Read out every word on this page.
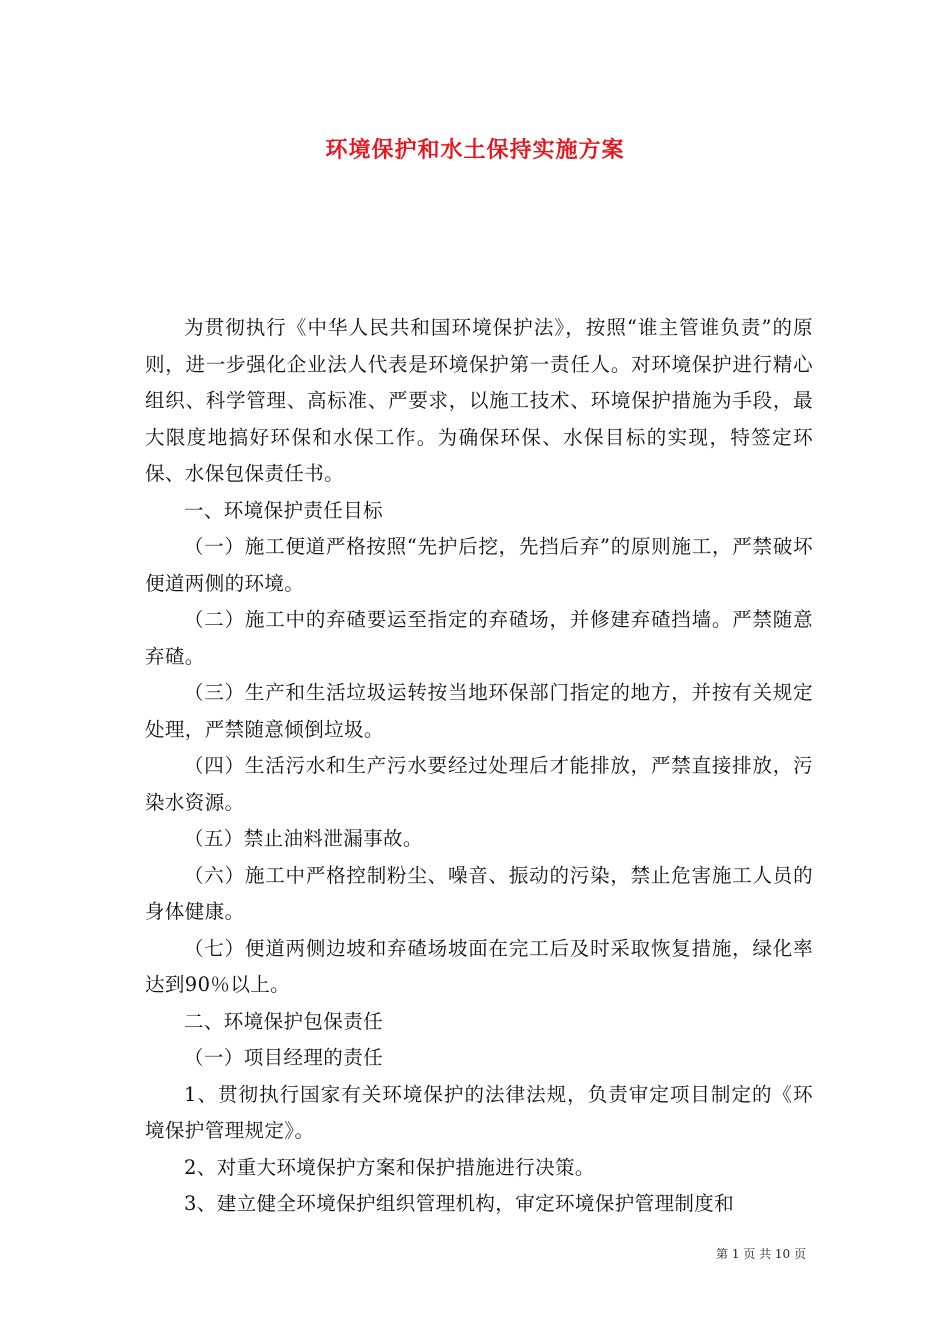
环境保护和水土保持实施方案

为贯彻执行《中华人民共和国环境保护法》，按照“谁主管谁负责”的原则，进一步强化企业法人代表是环境保护第一责任人。对环境保护进行精心组织、科学管理、高标准、严要求，以施工技术、环境保护措施为手段，最大限度地搞好环保和水保工作。为确保环保、水保目标的实现，特签定环保、水保包保责任书。

一、环境保护责任目标

（一）施工便道严格按照“先护后挖，先挡后弃”的原则施工，严禁破坏便道两侧的环境。

（二）施工中的弃碴要运至指定的弃碴场，并修建弃碴挡墙。严禁随意弃碴。

（三）生产和生活垃圾运转按当地环保部门指定的地方，并按有关规定处理，严禁随意倾倒垃圾。

（四）生活污水和生产污水要经过处理后才能排放，严禁直接排放，污染水资源。

（五）禁止油料泄漏事故。

（六）施工中严格控制粉尘、噪音、振动的污染，禁止危害施工人员的身体健康。

（七）便道两侧边坡和弃碴场坡面在完工后及时采取恢复措施，绿化率达到90％以上。

二、环境保护包保责任

（一）项目经理的责任

1、贯彻执行国家有关环境保护的法律法规，负责审定项目制定的《环境保护管理规定》。

2、对重大环境保护方案和保护措施进行决策。

3、建立健全环境保护组织管理机构，审定环境保护管理制度和

第 1 页 共 10 页
